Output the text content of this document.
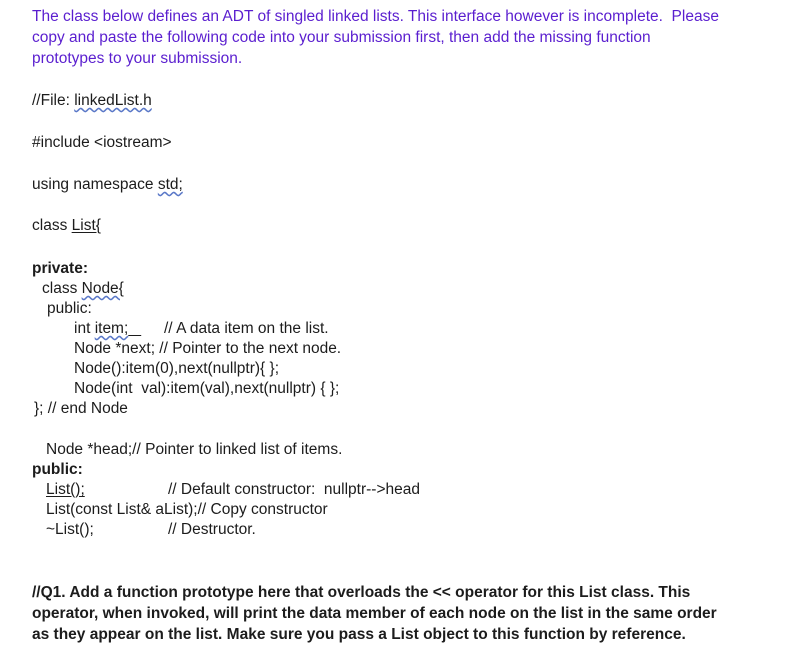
The class below defines an ADT of singled linked lists. This interface however is incomplete.  Please
copy and paste the following code into your submission first, then add the missing function
prototypes to your submission.
//File: linkedList.h
#include <iostream>
using namespace std;
class List{
private:
class Node{
public:

int item;

	// A data item on the list.

Node *next; // Pointer to the next node.
Node():item(0),next(nullptr){ };
Node(int  val):item(val),next(nullptr) { };
}; // end Node
Node *head;// Pointer to linked list of items.
public:

List();

	// Default constructor:  nullptr-->head

List(const List& aList);// Copy constructor

~List();

	// Destructor.

//Q1. Add a function prototype here that overloads the << operator for this List class. This
operator, when invoked, will print the data member of each node on the list in the same order
as they appear on the list. Make sure you pass a List object to this function by reference.
